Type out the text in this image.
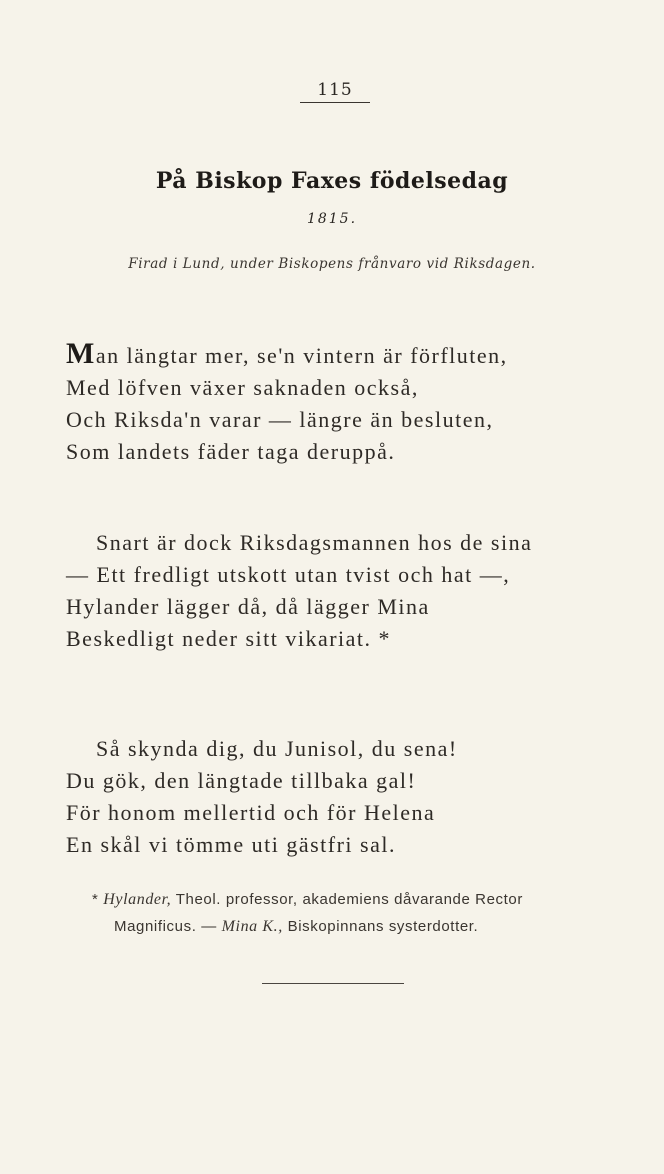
115
På Biskop Faxes födelsedag
1815.
Firad i Lund, under Biskopens frånvaro vid Riksdagen.
Man längtar mer, se'n vintern är förfluten,
Med löfven växer saknaden också,
Och Riksda'n varar — längre än besluten,
Som landets fäder taga deruppå.
Snart är dock Riksdagsmannen hos de sina
— Ett fredligt utskott utan tvist och hat —,
Hylander lägger då, då lägger Mina
Beskedligt neder sitt vikariat. *
Så skynda dig, du Junisol, du sena!
Du gök, den längtade tillbaka gal!
För honom mellertid och för Helena
En skål vi tömme uti gästfri sal.
* Hylander, Theol. professor, akademiens dåvarande Rector
Magnificus. — Mina K., Biskopinnans systerdotter.
